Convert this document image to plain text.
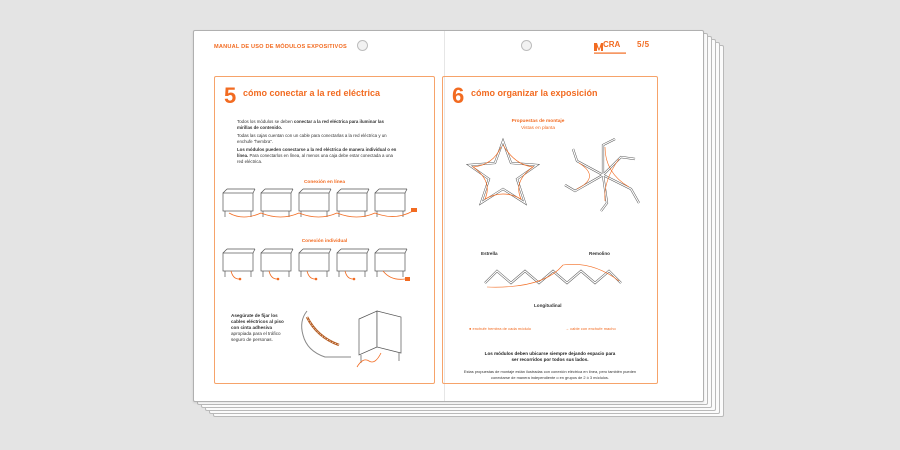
MANUAL DE USO DE MÓDULOS EXPOSITIVOS	CRA 5/5
5 cómo conectar a la red eléctrica
Todos los módulos se deben conectar a la red eléctrica para iluminar las mirillas de contenido.
Todas las cajas cuentan con un cable para conectarlas a la red eléctrica y un enchufe "hembra".
Los módulos pueden conectarse a la red eléctrica de manera individual o en línea. Para conectarlos en línea, al menos una caja debe estar conectada a una red eléctrica.
Conexión en línea
Conexión individual
Asegúrate de fijar los cables eléctricos al piso con cinta adhesiva apropiada para el tráfico seguro de personas.
6 cómo organizar la exposición
Propuestas de montaje
Vistas en planta
Estrella	Remolino
Longitudinal
● enchufe hembra de cada módulo	→ cable con enchufe macho
Los módulos deben ubicarse siempre dejando espacio para ser recorridos por todos sus lados.
Estas propuestas de montaje están ilustradas con conexión eléctrica en línea, pero también pueden conectarse de manera independiente o en grupos de 2 ó 3 módulos.
